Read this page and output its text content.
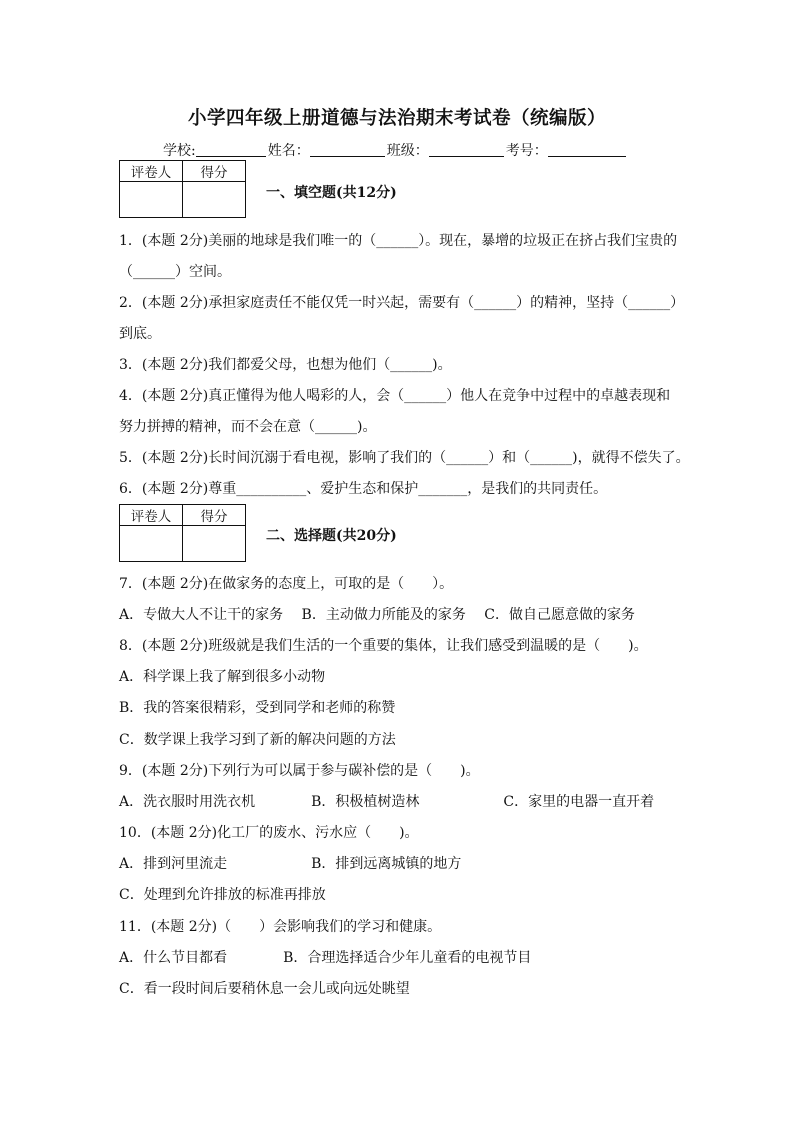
小学四年级上册道德与法治期末考试卷（统编版）
学校:	姓名：	班级：	考号：
评卷人	得分

一、填空题(共12分)
评卷人	得分

二、选择题(共20分)
1．(本题 2分)美丽的地球是我们唯一的（______）。现在，暴增的垃圾正在挤占我们宝贵的
（______）空间。
2．(本题 2分)承担家庭责任不能仅凭一时兴起，需要有（______）的精神，坚持（______）
到底。
3．(本题 2分)我们都爱父母，也想为他们（______)。
4．(本题 2分)真正懂得为他人喝彩的人，会（______）他人在竞争中过程中的卓越表现和
努力拼搏的精神，而不会在意（______)。
5．(本题 2分)长时间沉溺于看电视，影响了我们的（______）和（______)，就得不偿失了。
6．(本题 2分)尊重__________、爱护生态和保护_______，是我们的共同责任。
7．(本题 2分)在做家务的态度上，可取的是（　　）。
A．专做大人不让干的家务　 B．主动做力所能及的家务　 C．做自己愿意做的家务
8．(本题 2分)班级就是我们生活的一个重要的集体，让我们感受到温暖的是（　　)。
A．科学课上我了解到很多小动物
B．我的答案很精彩，受到同学和老师的称赞
C．数学课上我学习到了新的解决问题的方法
9．(本题 2分)下列行为可以属于参与碳补偿的是（　　)。
A．洗衣服时用洗衣机　　　　B．积极植树造林　　　　　　C．家里的电器一直开着
10．(本题 2分)化工厂的废水、污水应（　　)。
A．排到河里流走　　　　　　B．排到远离城镇的地方
C．处理到允许排放的标准再排放
11．(本题 2分)（　　）会影响我们的学习和健康。
A．什么节目都看　　　　B．合理选择适合少年儿童看的电视节目
C．看一段时间后要稍休息一会儿或向远处眺望
